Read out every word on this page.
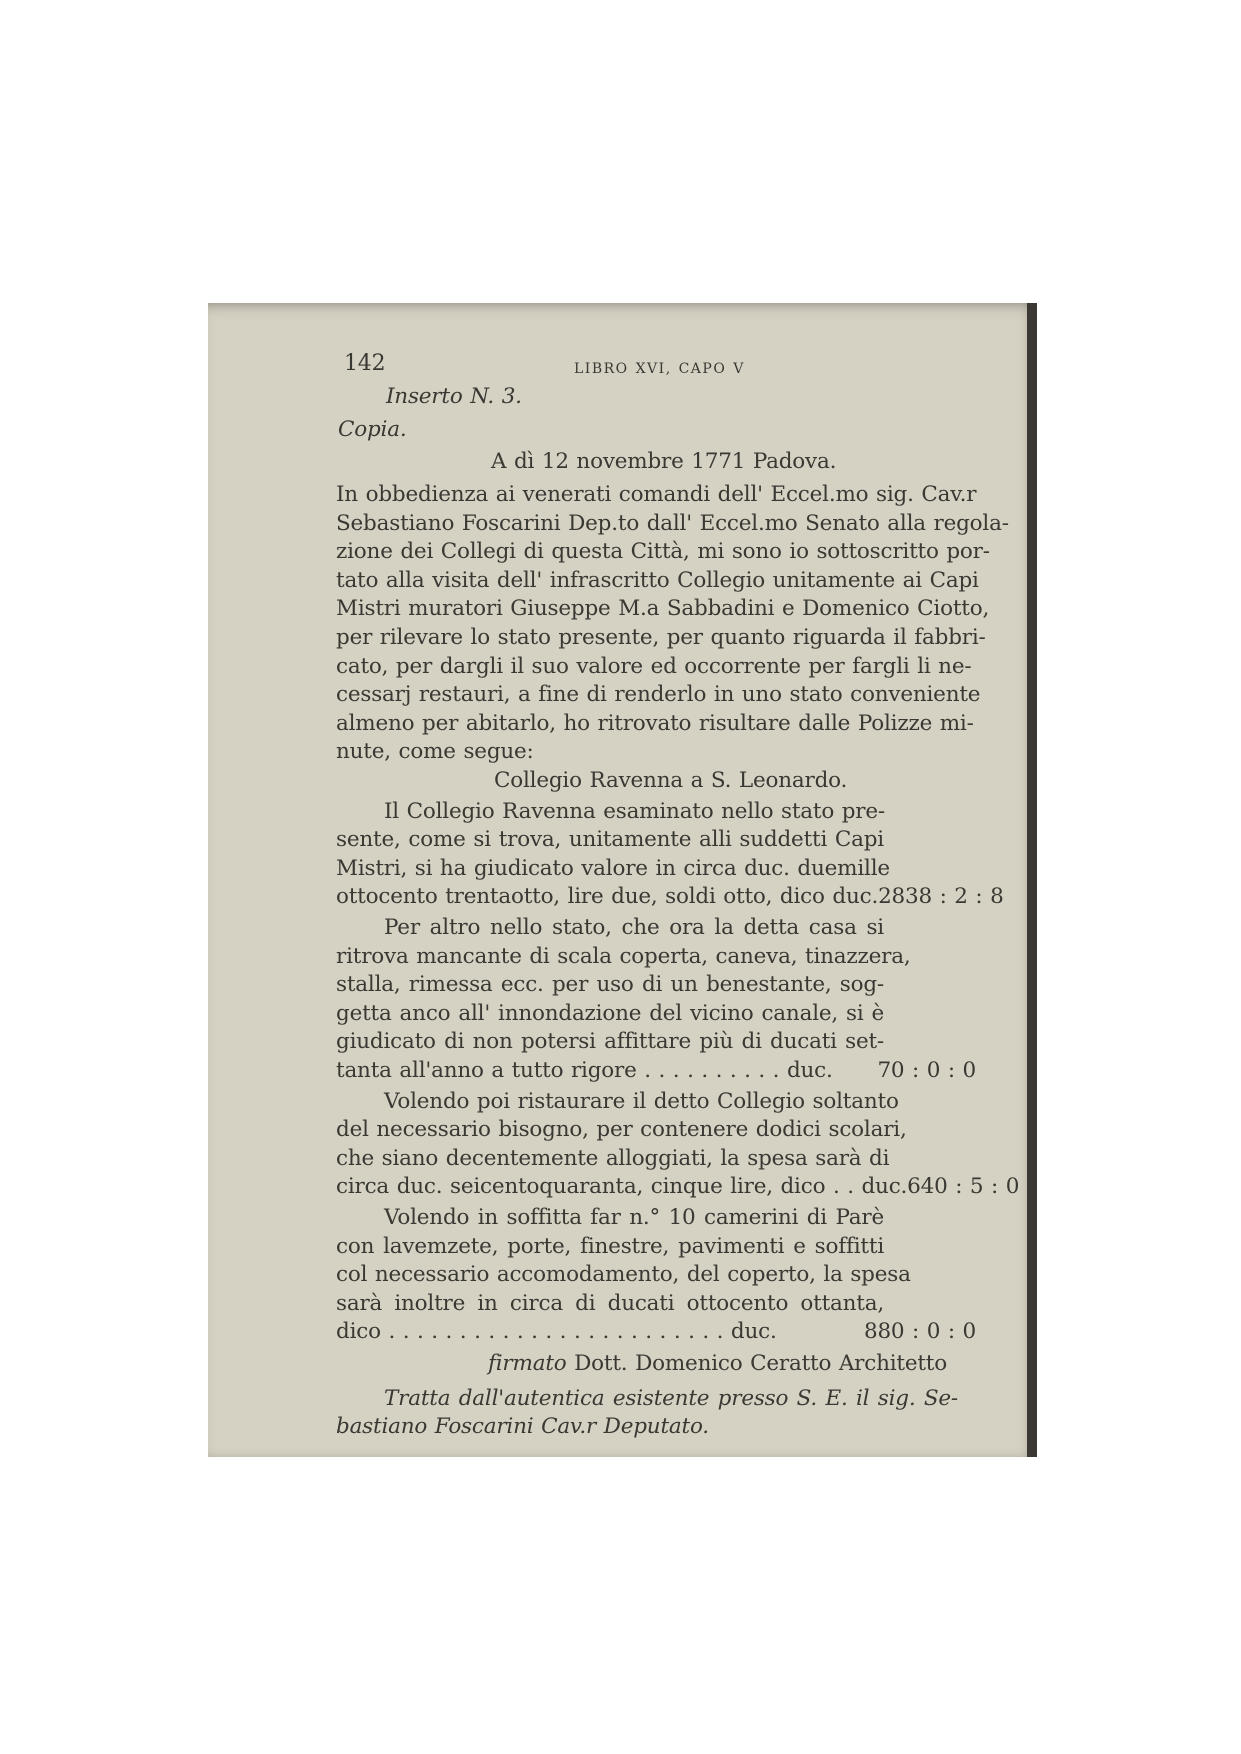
142	LIBRO XVI, CAPO V
Inserto N. 3.
Copia.
A dì 12 novembre 1771 Padova.
In obbedienza ai venerati comandi dell' Eccel.mo sig. Cav.r
Sebastiano Foscarini Dep.to dall' Eccel.mo Senato alla regola-
zione dei Collegi di questa Città, mi sono io sottoscritto por-
tato alla visita dell' infrascritto Collegio unitamente ai Capi
Mistri muratori Giuseppe M.a Sabbadini e Domenico Ciotto,
per rilevare lo stato presente, per quanto riguarda il fabbri-
cato, per dargli il suo valore ed occorrente per fargli li ne-
cessarj restauri, a fine di renderlo in uno stato conveniente
almeno per abitarlo, ho ritrovato risultare dalle Polizze mi-
nute, come segue:
Collegio Ravenna a S. Leonardo.
Il Collegio Ravenna esaminato nello stato pre-
sente, come si trova, unitamente alli suddetti Capi
Mistri, si ha giudicato valore in circa duc. duemille
ottocento trentaotto, lire due, soldi otto, dico duc. 2838 : 2 : 8
Per altro nello stato, che ora la detta casa si
ritrova mancante di scala coperta, caneva, tinazzera,
stalla, rimessa ecc. per uso di un benestante, sog-
getta anco all' innondazione del vicino canale, si è
giudicato di non potersi affittare più di ducati set-
tanta all'anno a tutto rigore . . . . . . . . . . duc. 70 : 0 : 0
Volendo poi ristaurare il detto Collegio soltanto
del necessario bisogno, per contenere dodici scolari,
che siano decentemente alloggiati, la spesa sarà di
circa duc. seicentoquaranta, cinque lire, dico . . duc. 640 : 5 : 0
Volendo in soffitta far n.° 10 camerini di Parè
con lavemzete, porte, finestre, pavimenti e soffitti
col necessario accomodamento, del coperto, la spesa
sarà inoltre in circa di ducati ottocento ottanta,
dico . . . . . . . . . . . . . . . . . . . . . . . . duc.	880 : 0 : 0
firmato Dott. Domenico Ceratto Architetto
Tratta dall'autentica esistente presso S. E. il sig. Se-
bastiano Foscarini Cav.r Deputato.
